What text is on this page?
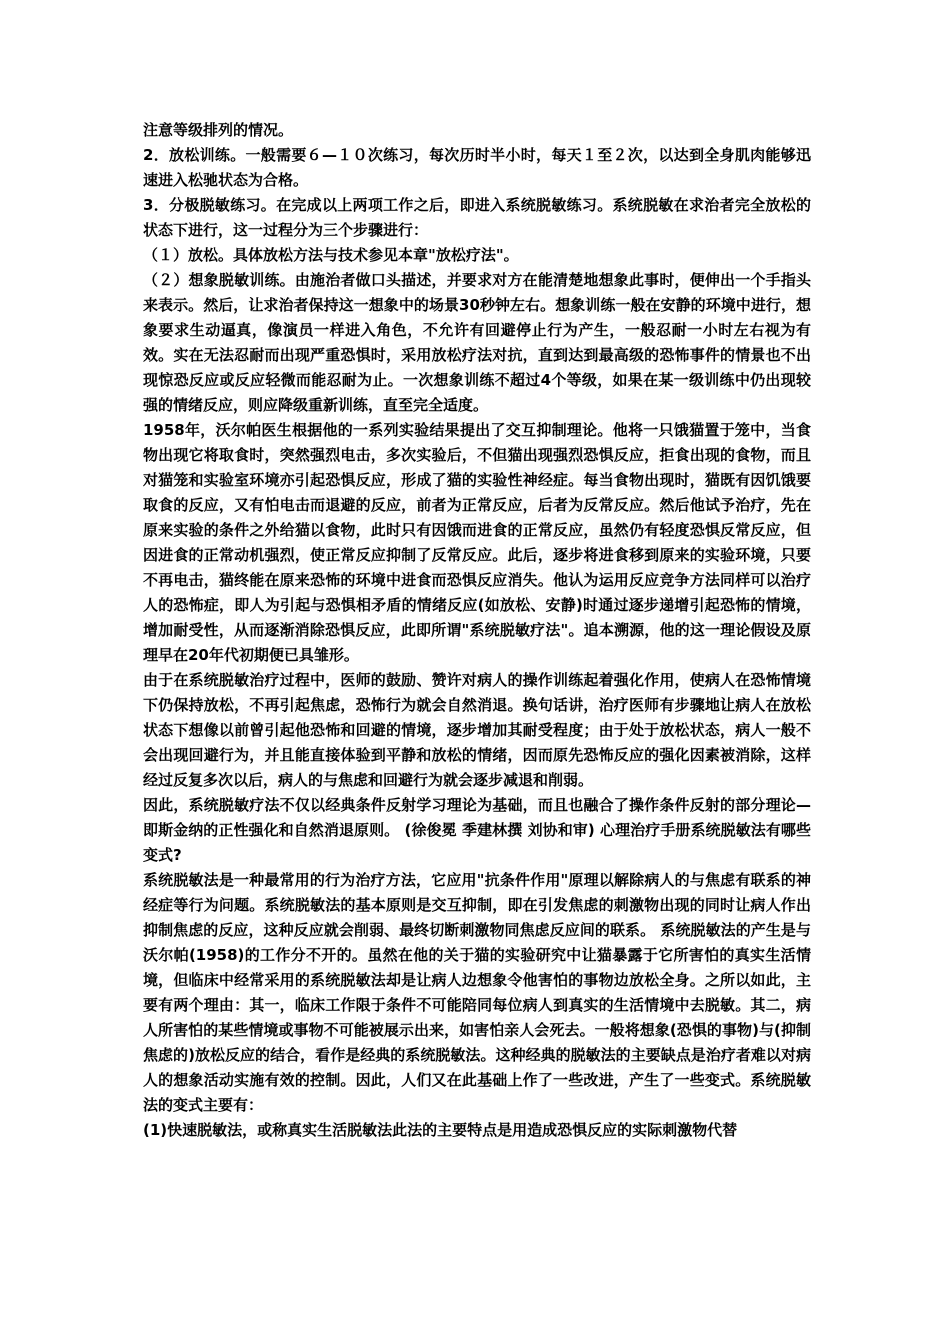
注意等级排列的情况。

2．放松训练。一般需要６—１０次练习，每次历时半小时，每天１至２次，以达到全身肌肉能够迅速进入松驰状态为合格。

3．分极脱敏练习。在完成以上两项工作之后，即进入系统脱敏练习。系统脱敏在求治者完全放松的状态下进行，这一过程分为三个步骤进行：

（１）放松。具体放松方法与技术参见本章"放松疗法"。

（２）想象脱敏训练。由施治者做口头描述，并要求对方在能清楚地想象此事时，便伸出一个手指头来表示。然后，让求治者保持这一想象中的场景30秒钟左右。想象训练一般在安静的环境中进行，想象要求生动逼真，像演员一样进入角色，不允许有回避停止行为产生，一般忍耐一小时左右视为有效。实在无法忍耐而出现严重恐惧时，采用放松疗法对抗，直到达到最高级的恐怖事件的情景也不出现惊恐反应或反应轻微而能忍耐为止。一次想象训练不超过4个等级，如果在某一级训练中仍出现较强的情绪反应，则应降级重新训练，直至完全适度。

1958年，沃尔帕医生根据他的一系列实验结果提出了交互抑制理论。他将一只饿猫置于笼中，当食物出现它将取食时，突然强烈电击，多次实验后，不但猫出现强烈恐惧反应，拒食出现的食物，而且对猫笼和实验室环境亦引起恐惧反应，形成了猫的实验性神经症。每当食物出现时，猫既有因饥饿要取食的反应，又有怕电击而退避的反应，前者为正常反应，后者为反常反应。然后他试予治疗，先在原来实验的条件之外给猫以食物，此时只有因饿而进食的正常反应，虽然仍有轻度恐惧反常反应，但因进食的正常动机强烈，使正常反应抑制了反常反应。此后，逐步将进食移到原来的实验环境，只要不再电击，猫终能在原来恐怖的环境中进食而恐惧反应消失。他认为运用反应竞争方法同样可以治疗人的恐怖症，即人为引起与恐惧相矛盾的情绪反应(如放松、安静)时通过逐步递增引起恐怖的情境，增加耐受性，从而逐渐消除恐惧反应，此即所谓"系统脱敏疗法"。追本溯源，他的这一理论假设及原理早在20年代初期便已具雏形。

由于在系统脱敏治疗过程中，医师的鼓励、赞许对病人的操作训练起着强化作用，使病人在恐怖情境下仍保持放松，不再引起焦虑，恐怖行为就会自然消退。换句话讲，治疗医师有步骤地让病人在放松状态下想像以前曾引起他恐怖和回避的情境，逐步增加其耐受程度；由于处于放松状态，病人一般不会出现回避行为，并且能直接体验到平静和放松的情绪，因而原先恐怖反应的强化因素被消除，这样经过反复多次以后，病人的与焦虑和回避行为就会逐步减退和削弱。

因此，系统脱敏疗法不仅以经典条件反射学习理论为基础，而且也融合了操作条件反射的部分理论—即斯金纳的正性强化和自然消退原则。 (徐俊冕 季建林撰 刘协和审) 心理治疗手册系统脱敏法有哪些变式?

系统脱敏法是一种最常用的行为治疗方法，它应用"抗条件作用"原理以解除病人的与焦虑有联系的神经症等行为问题。系统脱敏法的基本原则是交互抑制，即在引发焦虑的刺激物出现的同时让病人作出抑制焦虑的反应，这种反应就会削弱、最终切断刺激物同焦虑反应间的联系。 系统脱敏法的产生是与沃尔帕(1958)的工作分不开的。虽然在他的关于猫的实验研究中让猫暴露于它所害怕的真实生活情境，但临床中经常采用的系统脱敏法却是让病人边想象令他害怕的事物边放松全身。之所以如此，主要有两个理由：其一，临床工作限于条件不可能陪同每位病人到真实的生活情境中去脱敏。其二，病人所害怕的某些情境或事物不可能被展示出来，如害怕亲人会死去。一般将想象(恐惧的事物)与(抑制焦虑的)放松反应的结合，看作是经典的系统脱敏法。这种经典的脱敏法的主要缺点是治疗者难以对病人的想象活动实施有效的控制。因此，人们又在此基础上作了一些改进，产生了一些变式。系统脱敏法的变式主要有：

(1)快速脱敏法，或称真实生活脱敏法此法的主要特点是用造成恐惧反应的实际刺激物代替
